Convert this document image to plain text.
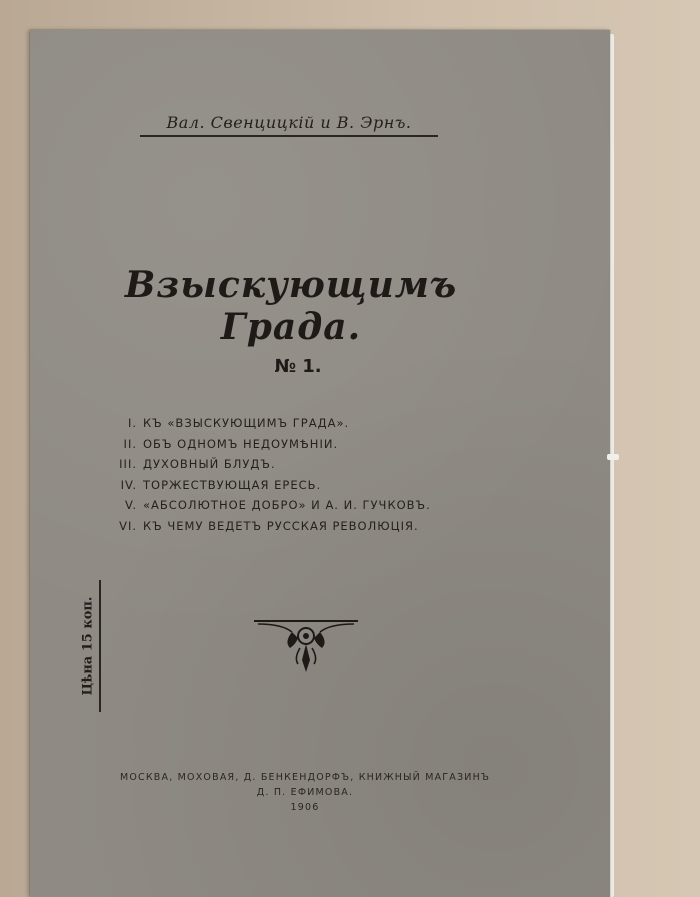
Вал. Свенцицкій и В. Эрнъ.
Взыскующимъ Града.
№ 1.
I. КЪ «ВЗЫСКУЮЩИМЪ ГРАДА».
II. ОБЪ ОДНОМЪ НЕДОУМѢНІИ.
III. ДУХОВНЫЙ БЛУДЪ.
IV. ТОРЖЕСТВУЮЩАЯ ЕРЕСЬ.
V. «АБСОЛЮТНОЕ ДОБРО» И А. И. ГУЧКОВЪ.
VI. КЪ ЧЕМУ ВЕДЕТЪ РУССКАЯ РЕВОЛЮЦІЯ.
Цѣна 15 коп.
МОСКВА, МОХОВАЯ, Д. БЕНКЕНДОРФЪ, КНИЖНЫЙ МАГАЗИНЪ
Д. П. ЕФИМОВА.
1906
